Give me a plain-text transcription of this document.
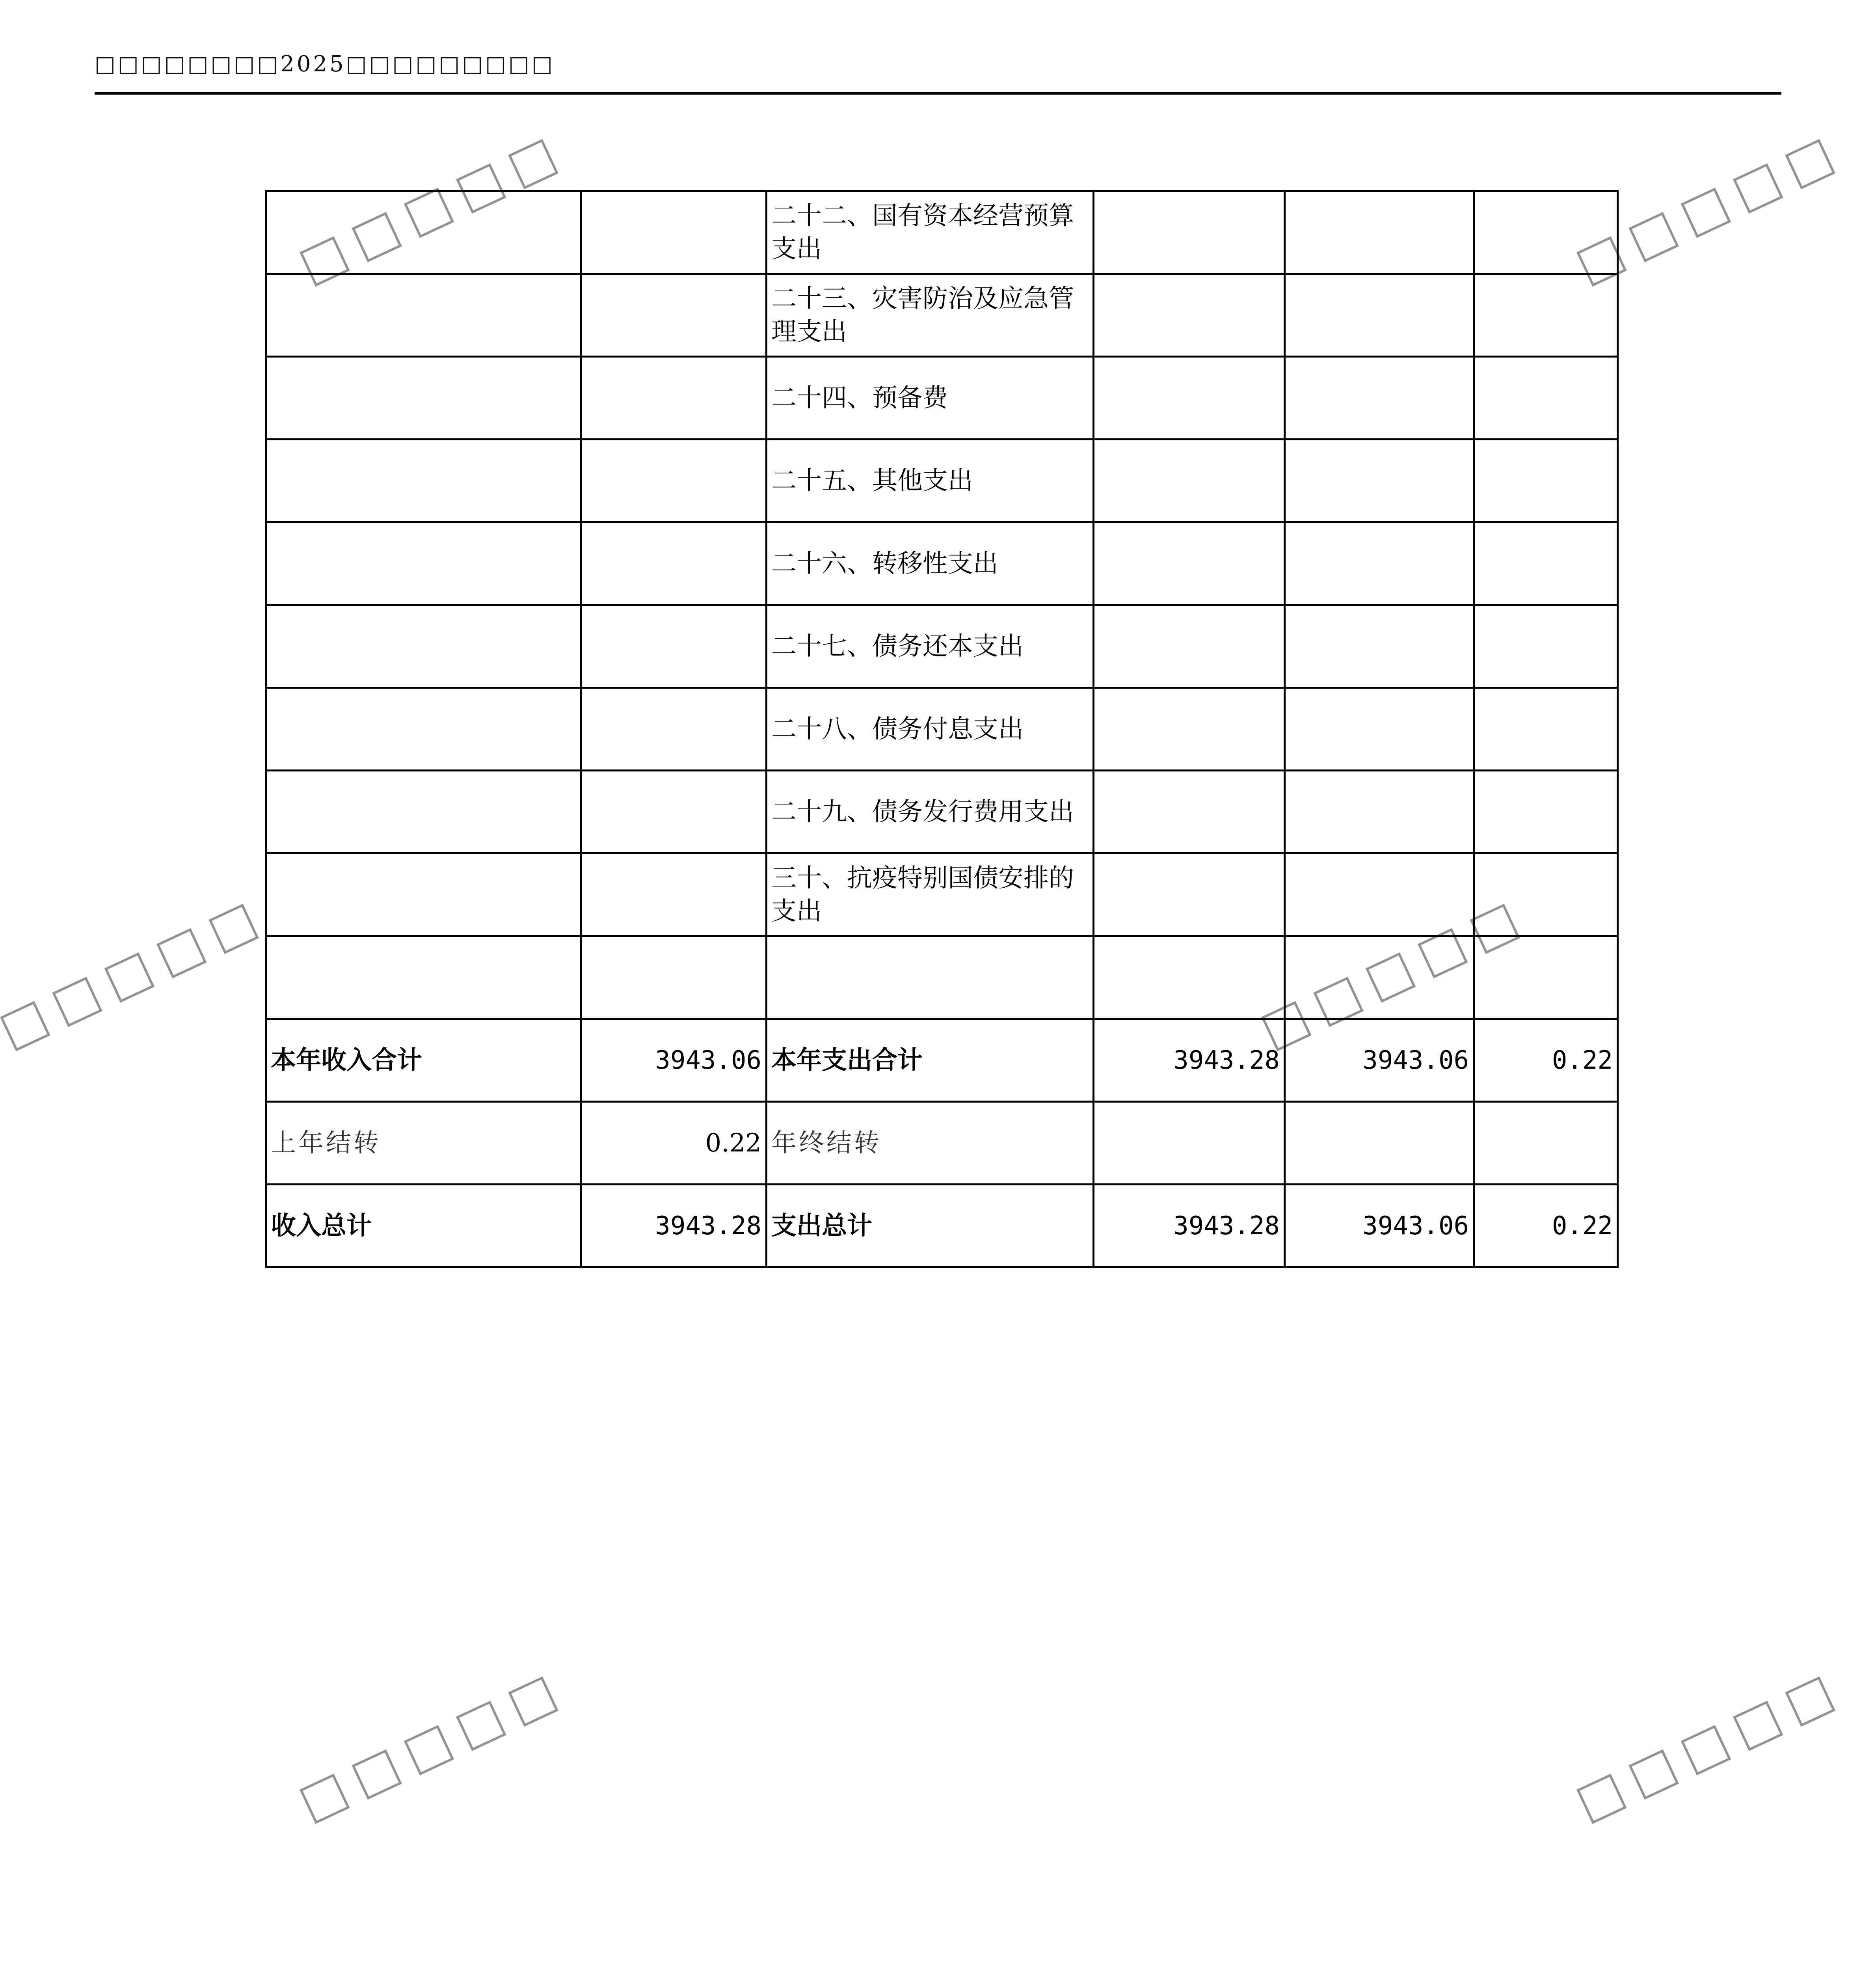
□□□□□□□□2025□□□□□□□□□
		二十二、国有资本经营预算支出			
		二十三、灾害防治及应急管理支出			
		二十四、预备费			
		二十五、其他支出			
		二十六、转移性支出			
		二十七、债务还本支出			
		二十八、债务付息支出			
		二十九、债务发行费用支出			
		三十、抗疫特别国债安排的支出			

本年收入合计	3943.06	本年支出合计	3943.28	3943.06	0.22
上年结转	0.22	年终结转			
收入总计	3943.28	支出总计	3943.28	3943.06	0.22
